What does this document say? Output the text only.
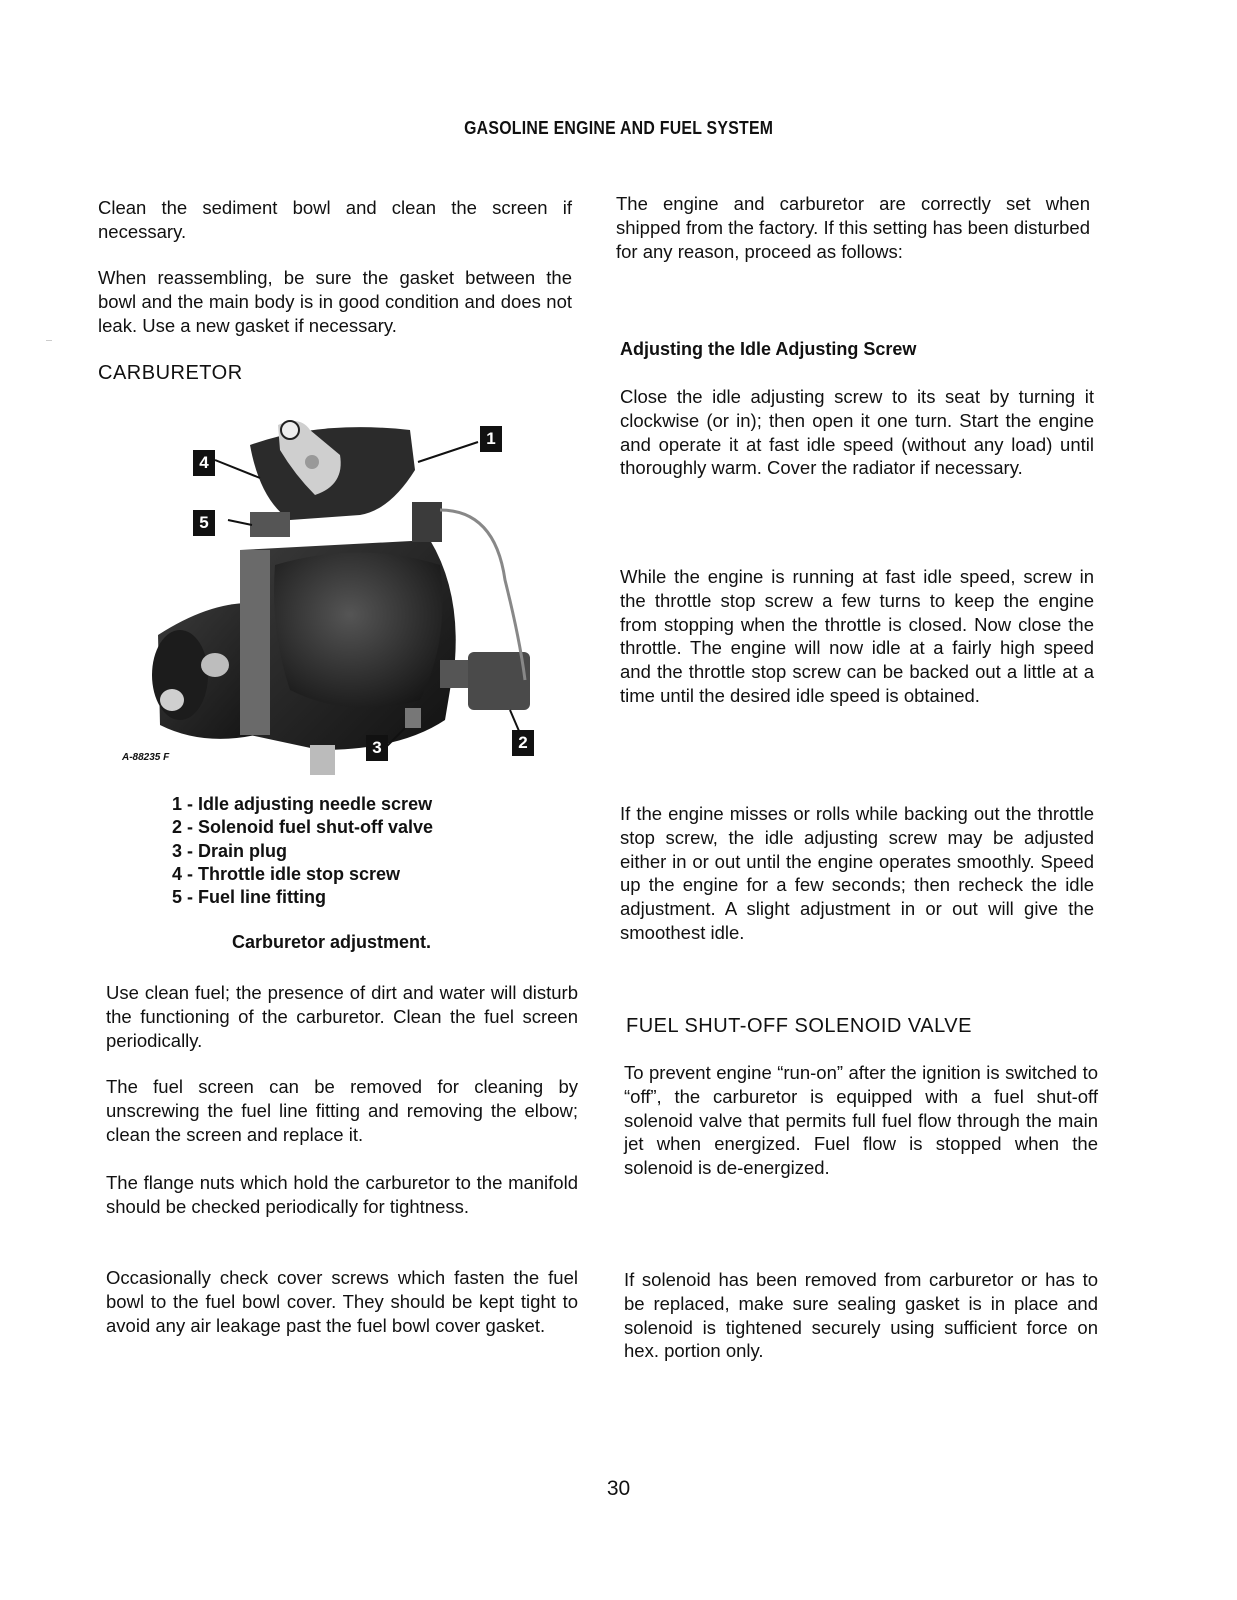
GASOLINE ENGINE AND FUEL SYSTEM

Clean the sediment bowl and clean the screen if necessary.

When reassembling, be sure the gasket between the bowl and the main body is in good condition and does not leak. Use a new gasket if necessary.

CARBURETOR
1
2
3
4
5
A-88235 F
1 - Idle adjusting needle screw
2 - Solenoid fuel shut-off valve
3 - Drain plug
4 - Throttle idle stop screw
5 - Fuel line fitting
Carburetor adjustment.

Use clean fuel; the presence of dirt and water will disturb the functioning of the carburetor. Clean the fuel screen periodically.

The fuel screen can be removed for cleaning by unscrewing the fuel line fitting and removing the elbow; clean the screen and replace it.

The flange nuts which hold the carburetor to the manifold should be checked periodically for tightness.

Occasionally check cover screws which fasten the fuel bowl to the fuel bowl cover. They should be kept tight to avoid any air leakage past the fuel bowl cover gasket.

The engine and carburetor are correctly set when shipped from the factory. If this setting has been disturbed for any reason, proceed as follows:

Adjusting the Idle Adjusting Screw

Close the idle adjusting screw to its seat by turning it clockwise (or in); then open it one turn. Start the engine and operate it at fast idle speed (without any load) until thoroughly warm. Cover the radiator if necessary.

While the engine is running at fast idle speed, screw in the throttle stop screw a few turns to keep the engine from stopping when the throttle is closed. Now close the throttle. The engine will now idle at a fairly high speed and the throttle stop screw can be backed out a little at a time until the desired idle speed is obtained.

If the engine misses or rolls while backing out the throttle stop screw, the idle adjusting screw may be adjusted either in or out until the engine operates smoothly. Speed up the engine for a few seconds; then recheck the idle adjustment. A slight adjustment in or out will give the smoothest idle.

FUEL SHUT-OFF SOLENOID VALVE

To prevent engine “run-on” after the ignition is switched to “off”, the carburetor is equipped with a fuel shut-off solenoid valve that permits full fuel flow through the main jet when energized. Fuel flow is stopped when the solenoid is de-energized.

If solenoid has been removed from carburetor or has to be replaced, make sure sealing gasket is in place and solenoid is tightened securely using sufficient force on hex. portion only.

30
